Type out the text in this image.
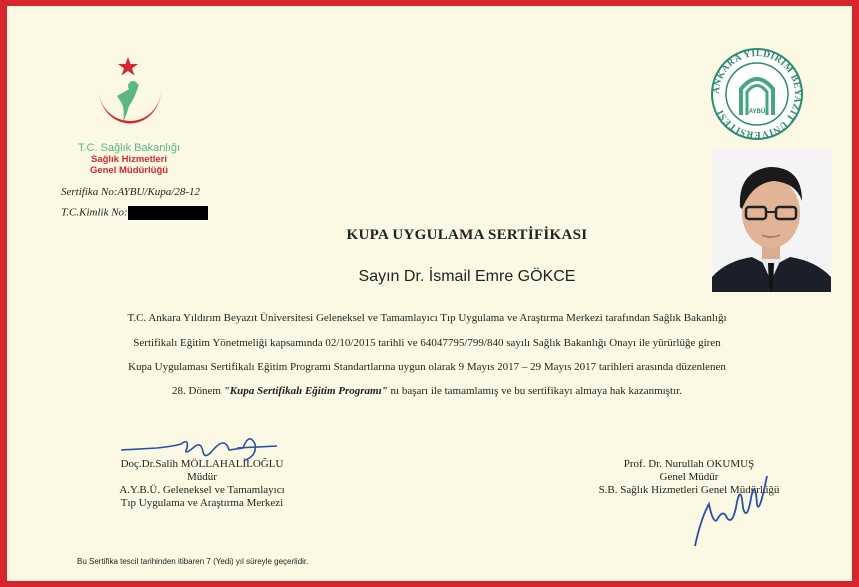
T.C. Sağlık Bakanlığı
Sağlık Hizmetleri
Genel Müdürlüğü
Sertifika No:AYBU/Kupa/28-12
T.C.Kimlik No:
ANKARA YILDIRIM BEYAZIT ÜNİVERSİTESİ	AYBÜ
KUPA UYGULAMA SERTİFİKASI
Sayın Dr. İsmail Emre GÖKCE
T.C. Ankara Yıldırım Beyazıt Üniversitesi Geleneksel ve Tamamlayıcı Tıp Uygulama ve Araştırma Merkezi tarafından Sağlık Bakanlığı
Sertifikalı Eğitim Yönetmeliği kapsamında 02/10/2015 tarihli ve 64047795/799/840 sayılı Sağlık Bakanlığı Onayı ile yürürlüğe giren
Kupa Uygulaması Sertifikalı Eğitim Programı Standartlarına uygun olarak 9 Mayıs 2017 – 29 Mayıs 2017 tarihleri arasında düzenlenen
28. Dönem "Kupa Sertifikalı Eğitim Programı" nı başarı ile tamamlamış ve bu sertifikayı almaya hak kazanmıştır.
Doç.Dr.Salih MÖLLAHALİLOĞLU
Müdür
A.Y.B.Ü. Geleneksel ve Tamamlayıcı
Tıp Uygulama ve Araştırma Merkezi
Prof. Dr. Nurullah OKUMUŞ
Genel Müdür
S.B. Sağlık Hizmetleri Genel Müdürlüğü
Bu Sertifika tescil tarihinden itibaren 7 (Yedi) yıl süreyle geçerlidir.
